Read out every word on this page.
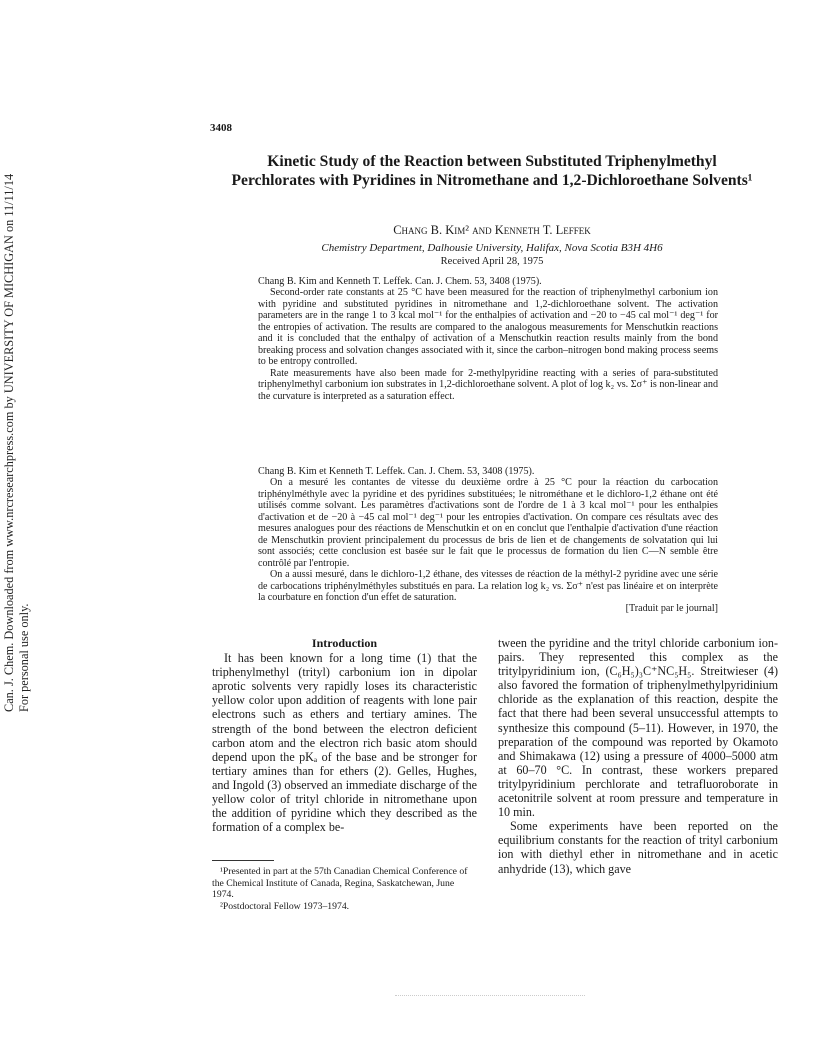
Can. J. Chem. Downloaded from www.nrcresearchpress.com by UNIVERSITY OF MICHIGAN on 11/11/14 For personal use only.
3408
Kinetic Study of the Reaction between Substituted Triphenylmethyl Perchlorates with Pyridines in Nitromethane and 1,2-Dichloroethane Solvents¹
Chang B. Kim² and Kenneth T. Leffek
Chemistry Department, Dalhousie University, Halifax, Nova Scotia B3H 4H6
Received April 28, 1975

Chang B. Kim and Kenneth T. Leffek. Can. J. Chem. 53, 3408 (1975).

Second-order rate constants at 25 °C have been measured for the reaction of triphenylmethyl carbonium ion with pyridine and substituted pyridines in nitromethane and 1,2-dichloroethane solvent. The activation parameters are in the range 1 to 3 kcal mol⁻¹ for the enthalpies of activation and −20 to −45 cal mol⁻¹ deg⁻¹ for the entropies of activation. The results are compared to the analogous measurements for Menschutkin reactions and it is concluded that the enthalpy of activation of a Menschutkin reaction results mainly from the bond breaking process and solvation changes associated with it, since the carbon–nitrogen bond making process seems to be entropy controlled.

Rate measurements have also been made for 2-methylpyridine reacting with a series of para-substituted triphenylmethyl carbonium ion substrates in 1,2-dichloroethane solvent. A plot of log k₂ vs. Σσ⁺ is non-linear and the curvature is interpreted as a saturation effect.

Chang B. Kim et Kenneth T. Leffek. Can. J. Chem. 53, 3408 (1975).

On a mesuré les contantes de vitesse du deuxième ordre à 25 °C pour la réaction du carbocation triphénylméthyle avec la pyridine et des pyridines substituées; le nitrométhane et le dichloro-1,2 éthane ont été utilisés comme solvant. Les paramètres d'activations sont de l'ordre de 1 à 3 kcal mol⁻¹ pour les enthalpies d'activation et de −20 à −45 cal mol⁻¹ deg⁻¹ pour les entropies d'activation. On compare ces résultats avec des mesures analogues pour des réactions de Menschutkin et on en conclut que l'enthalpie d'activation d'une réaction de Menschutkin provient principalement du processus de bris de lien et de changements de solvatation qui lui sont associés; cette conclusion est basée sur le fait que le processus de formation du lien C—N semble être contrôlé par l'entropie.

On a aussi mesuré, dans le dichloro-1,2 éthane, des vitesses de réaction de la méthyl-2 pyridine avec une série de carbocations triphénylméthyles substitués en para. La relation log k₂ vs. Σσ⁺ n'est pas linéaire et on interprète la courbature en fonction d'un effet de saturation.

[Traduit par le journal]

Introduction

It has been known for a long time (1) that the triphenylmethyl (trityl) carbonium ion in dipolar aprotic solvents very rapidly loses its characteristic yellow color upon addition of reagents with lone pair electrons such as ethers and tertiary amines. The strength of the bond between the electron deficient carbon atom and the electron rich basic atom should depend upon the pKₐ of the base and be stronger for tertiary amines than for ethers (2). Gelles, Hughes, and Ingold (3) observed an immediate discharge of the yellow color of trityl chloride in nitromethane upon the addition of pyridine which they described as the formation of a complex be-

tween the pyridine and the trityl chloride carbonium ion-pairs. They represented this complex as the tritylpyridinium ion, (C₆H₅)₃C⁺NC₅H₅. Streitwieser (4) also favored the formation of triphenylmethylpyridinium chloride as the explanation of this reaction, despite the fact that there had been several unsuccessful attempts to synthesize this compound (5–11). However, in 1970, the preparation of the compound was reported by Okamoto and Shimakawa (12) using a pressure of 4000–5000 atm at 60–70 °C. In contrast, these workers prepared tritylpyridinium perchlorate and tetrafluoroborate in acetonitrile solvent at room pressure and temperature in 10 min.

Some experiments have been reported on the equilibrium constants for the reaction of trityl carbonium ion with diethyl ether in nitromethane and in acetic anhydride (13), which gave

¹Presented in part at the 57th Canadian Chemical Conference of the Chemical Institute of Canada, Regina, Saskatchewan, June 1974.

²Postdoctoral Fellow 1973–1974.
